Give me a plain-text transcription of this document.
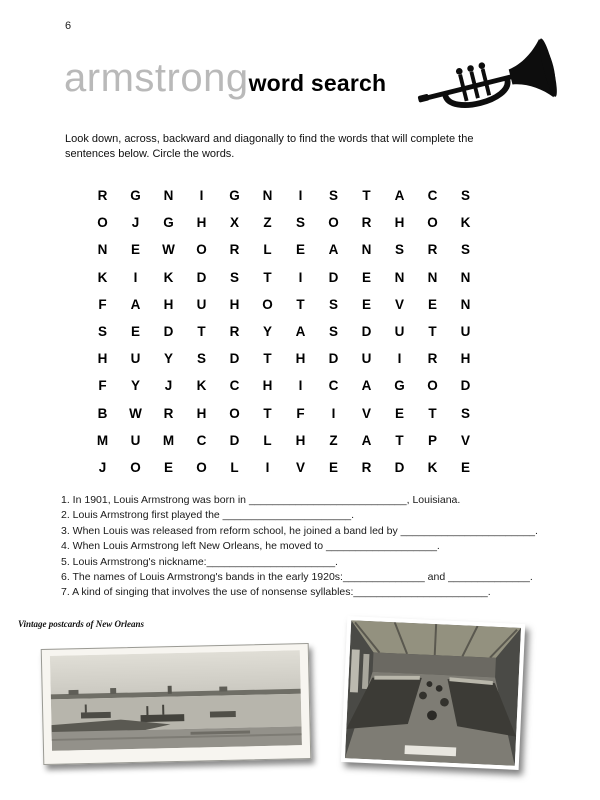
6
armstrongword search

Look down, across, backward and diagonally to find the words that will complete the sentences below. Circle the words.

R	G	N	I	G	N	I	S	T	A	C	S
O	J	G	H	X	Z	S	O	R	H	O	K
N	E	W	O	R	L	E	A	N	S	R	S
K	I	K	D	S	T	I	D	E	N	N	N
F	A	H	U	H	O	T	S	E	V	E	N
S	E	D	T	R	Y	A	S	D	U	T	U
H	U	Y	S	D	T	H	D	U	I	R	H
F	Y	J	K	C	H	I	C	A	G	O	D
B	W	R	H	O	T	F	I	V	E	T	S
M	U	M	C	D	L	H	Z	A	T	P	V
J	O	E	O	L	I	V	E	R	D	K	E
1. In 1901, Louis Armstrong was born in ___________________________, Louisiana.
2. Louis Armstrong first played the ______________________.
3. When Louis was released from reform school, he joined a band led by _______________________.
4. When Louis Armstrong left New Orleans, he moved to ___________________.
5. Louis Armstrong's nickname:______________________.
6. The names of Louis Armstrong's bands in the early 1920s:______________ and ______________.
7. A kind of singing that involves the use of nonsense syllables:_______________________.
Vintage postcards of New Orleans
